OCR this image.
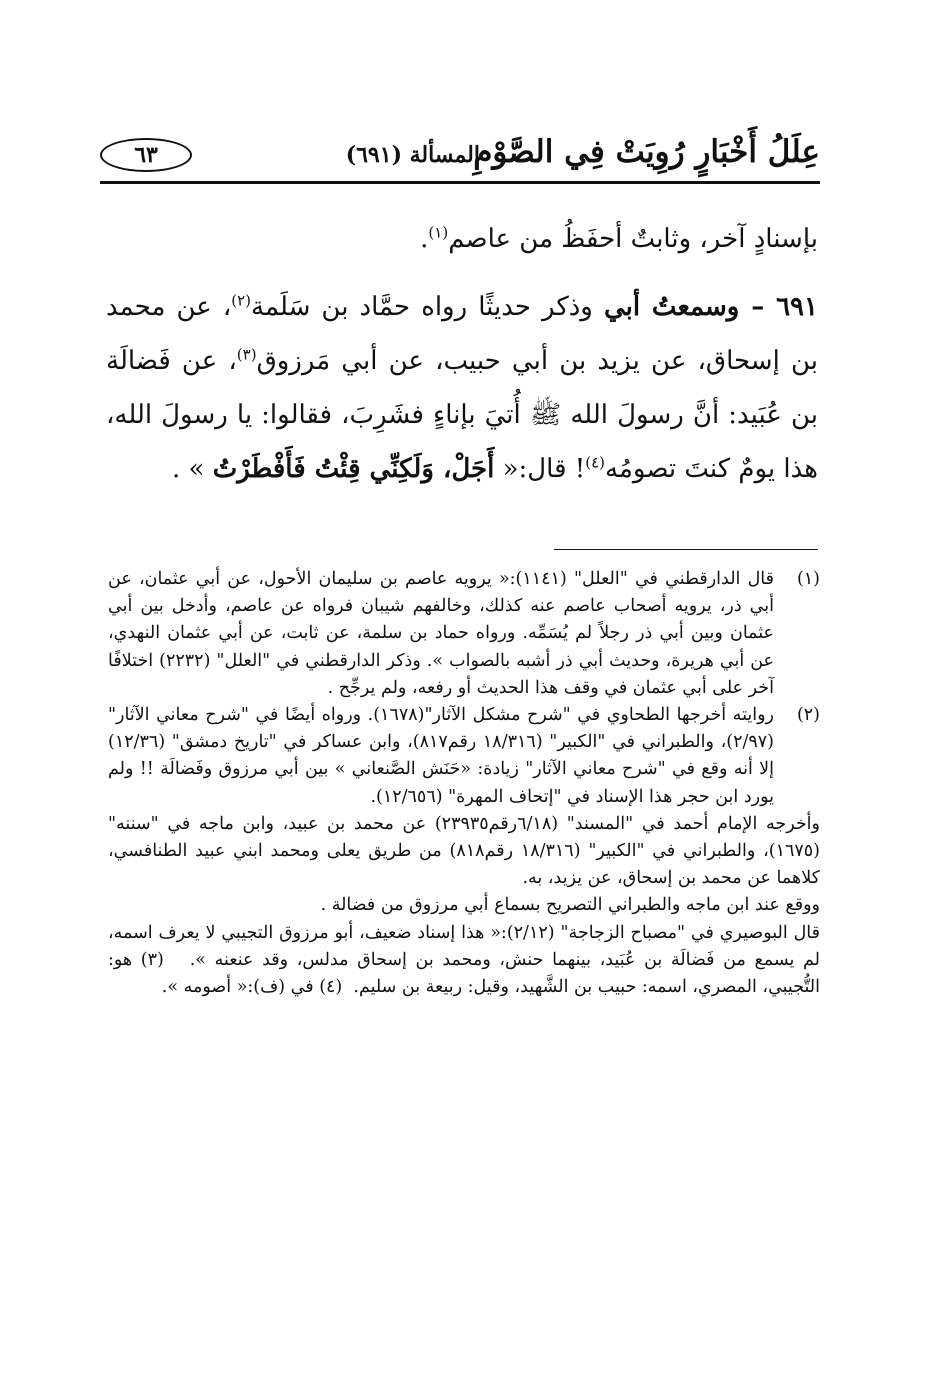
عِلَلُ أَخْبَارٍ رُوِيَتْ فِي الصَّوْمِ
المسألة (٦٩١)
٦٣

بإسنادٍ آخر، وثابتٌ أحفَظُ من عاصم$^{(١)}$.

٦٩١ – وسمعتُ أبي وذكر حديثًا رواه حمَّاد بن سَلَمة$^{(٢)}$، عن محمد بن إسحاق، عن يزيد بن أبي حبيب، عن أبي مَرزوق$^{(٣)}$، عن فَضالَة بن عُبَيد: أنَّ رسولَ الله ﷺ أُتيَ بإناءٍ فشَرِبَ، فقالوا: يا رسولَ الله، هذا يومٌ كنتَ تصومُه$^{(٤)}$! قال:« أَجَلْ، وَلَكِنِّي قِئْتُ فَأَفْطَرْتُ » .

(١)
قال الدارقطني في "العلل" (١١٤١):« يرويه عاصم بن سليمان الأحول، عن أبي عثمان، عن أبي ذر، يرويه أصحاب عاصم عنه كذلك، وخالفهم شيبان فرواه عن عاصم، وأدخل بين أبي عثمان وبين أبي ذر رجلاً لم يُسَمِّه. ورواه حماد بن سلمة، عن ثابت، عن أبي عثمان النهدي، عن أبي هريرة، وحديث أبي ذر أشبه بالصواب ». وذكر الدارقطني في "العلل" (٢٢٣٢) اختلافًا آخر على أبي عثمان في وقف هذا الحديث أو رفعه، ولم يرجِّح .
(٢)
روايته أخرجها الطحاوي في "شرح مشكل الآثار"(١٦٧٨). ورواه أيضًا في "شرح معاني الآثار" (٢/٩٧)، والطبراني في "الكبير" (١٨/٣١٦ رقم٨١٧)، وابن عساكر في "تاريخ دمشق" (١٢/٣٦) إلا أنه وقع في "شرح معاني الآثار" زيادة: «حَنَش الصَّنعاني » بين أبي مرزوق وفَضالَة !! ولم يورد ابن حجر هذا الإسناد في "إتحاف المهرة" (١٢/٦٥٦).
وأخرجه الإمام أحمد في "المسند" (٦/١٨رقم٢٣٩٣٥) عن محمد بن عبيد، وابن ماجه في "سننه" (١٦٧٥)، والطبراني في "الكبير" (١٨/٣١٦ رقم٨١٨) من طريق يعلى ومحمد ابني عبيد الطنافسي، كلاهما عن محمد بن إسحاق، عن يزيد، به.
ووقع عند ابن ماجه والطبراني التصريح بسماع أبي مرزوق من فضالة .
قال البوصيري في "مصباح الزجاجة" (٢/١٢):« هذا إسناد ضعيف، أبو مرزوق التجيبي لا يعرف اسمه، لم يسمع من فَضالَة بن عُبَيد، بينهما حنش، ومحمد بن إسحاق مدلس، وقد عنعنه ».   (٣) هو: التُّجيبي، المصري، اسمه: حبيب بن الشَّهيد، وقيل: ربيعة بن سليم.  (٤) في (ف):« أصومه ».
